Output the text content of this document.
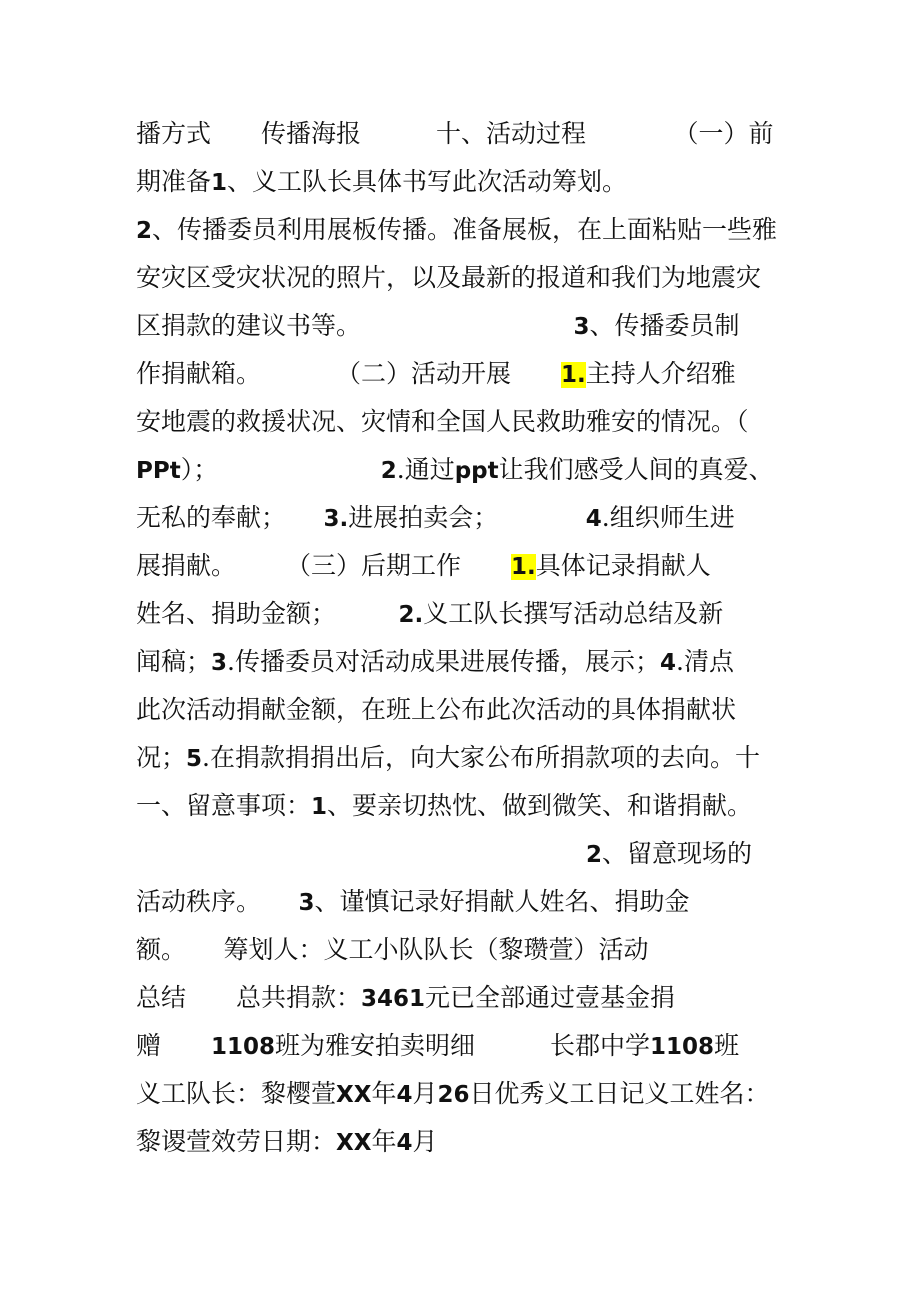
播方式　　传播海报　　　十、活动过程　　　　（一）前
期准备1、义工队长具体书写此次活动筹划。
2、传播委员利用展板传播。准备展板，在上面粘贴一些雅
安灾区受灾状况的照片，以及最新的报道和我们为地震灾
区捐款的建议书等。　　　　　　　　　3、传播委员制
作捐献箱。　　　　（二）活动开展　　1.主持人介绍雅
安地震的救援状况、灾情和全国人民救助雅安的情况。（
PPt）；　　　　　　　2.通过ppt让我们感受人间的真爱、
无私的奉献；　　3.进展拍卖会；　　　　4.组织师生进
展捐献。　　　（三）后期工作　　1.具体记录捐献人
姓名、捐助金额；　　　2.义工队长撰写活动总结及新
闻稿；3.传播委员对活动成果进展传播，展示；4.清点
此次活动捐献金额，在班上公布此次活动的具体捐献状
况；5.在捐款捐捐出后，向大家公布所捐款项的去向。十
一、留意事项：1、要亲切热忱、做到微笑、和谐捐献。
　　　　　　　　　　　　　　　　　　2、留意现场的
活动秩序。　　3、谨慎记录好捐献人姓名、捐助金
额。　　筹划人：义工小队队长（黎瓒萱）活动
总结　　总共捐款：3461元已全部通过壹基金捐
赠　　1108班为雅安拍卖明细　　　长郡中学1108班
义工队长：黎樱萱XX年4月26日优秀义工日记义工姓名：
黎谡萱效劳日期：XX年4月
